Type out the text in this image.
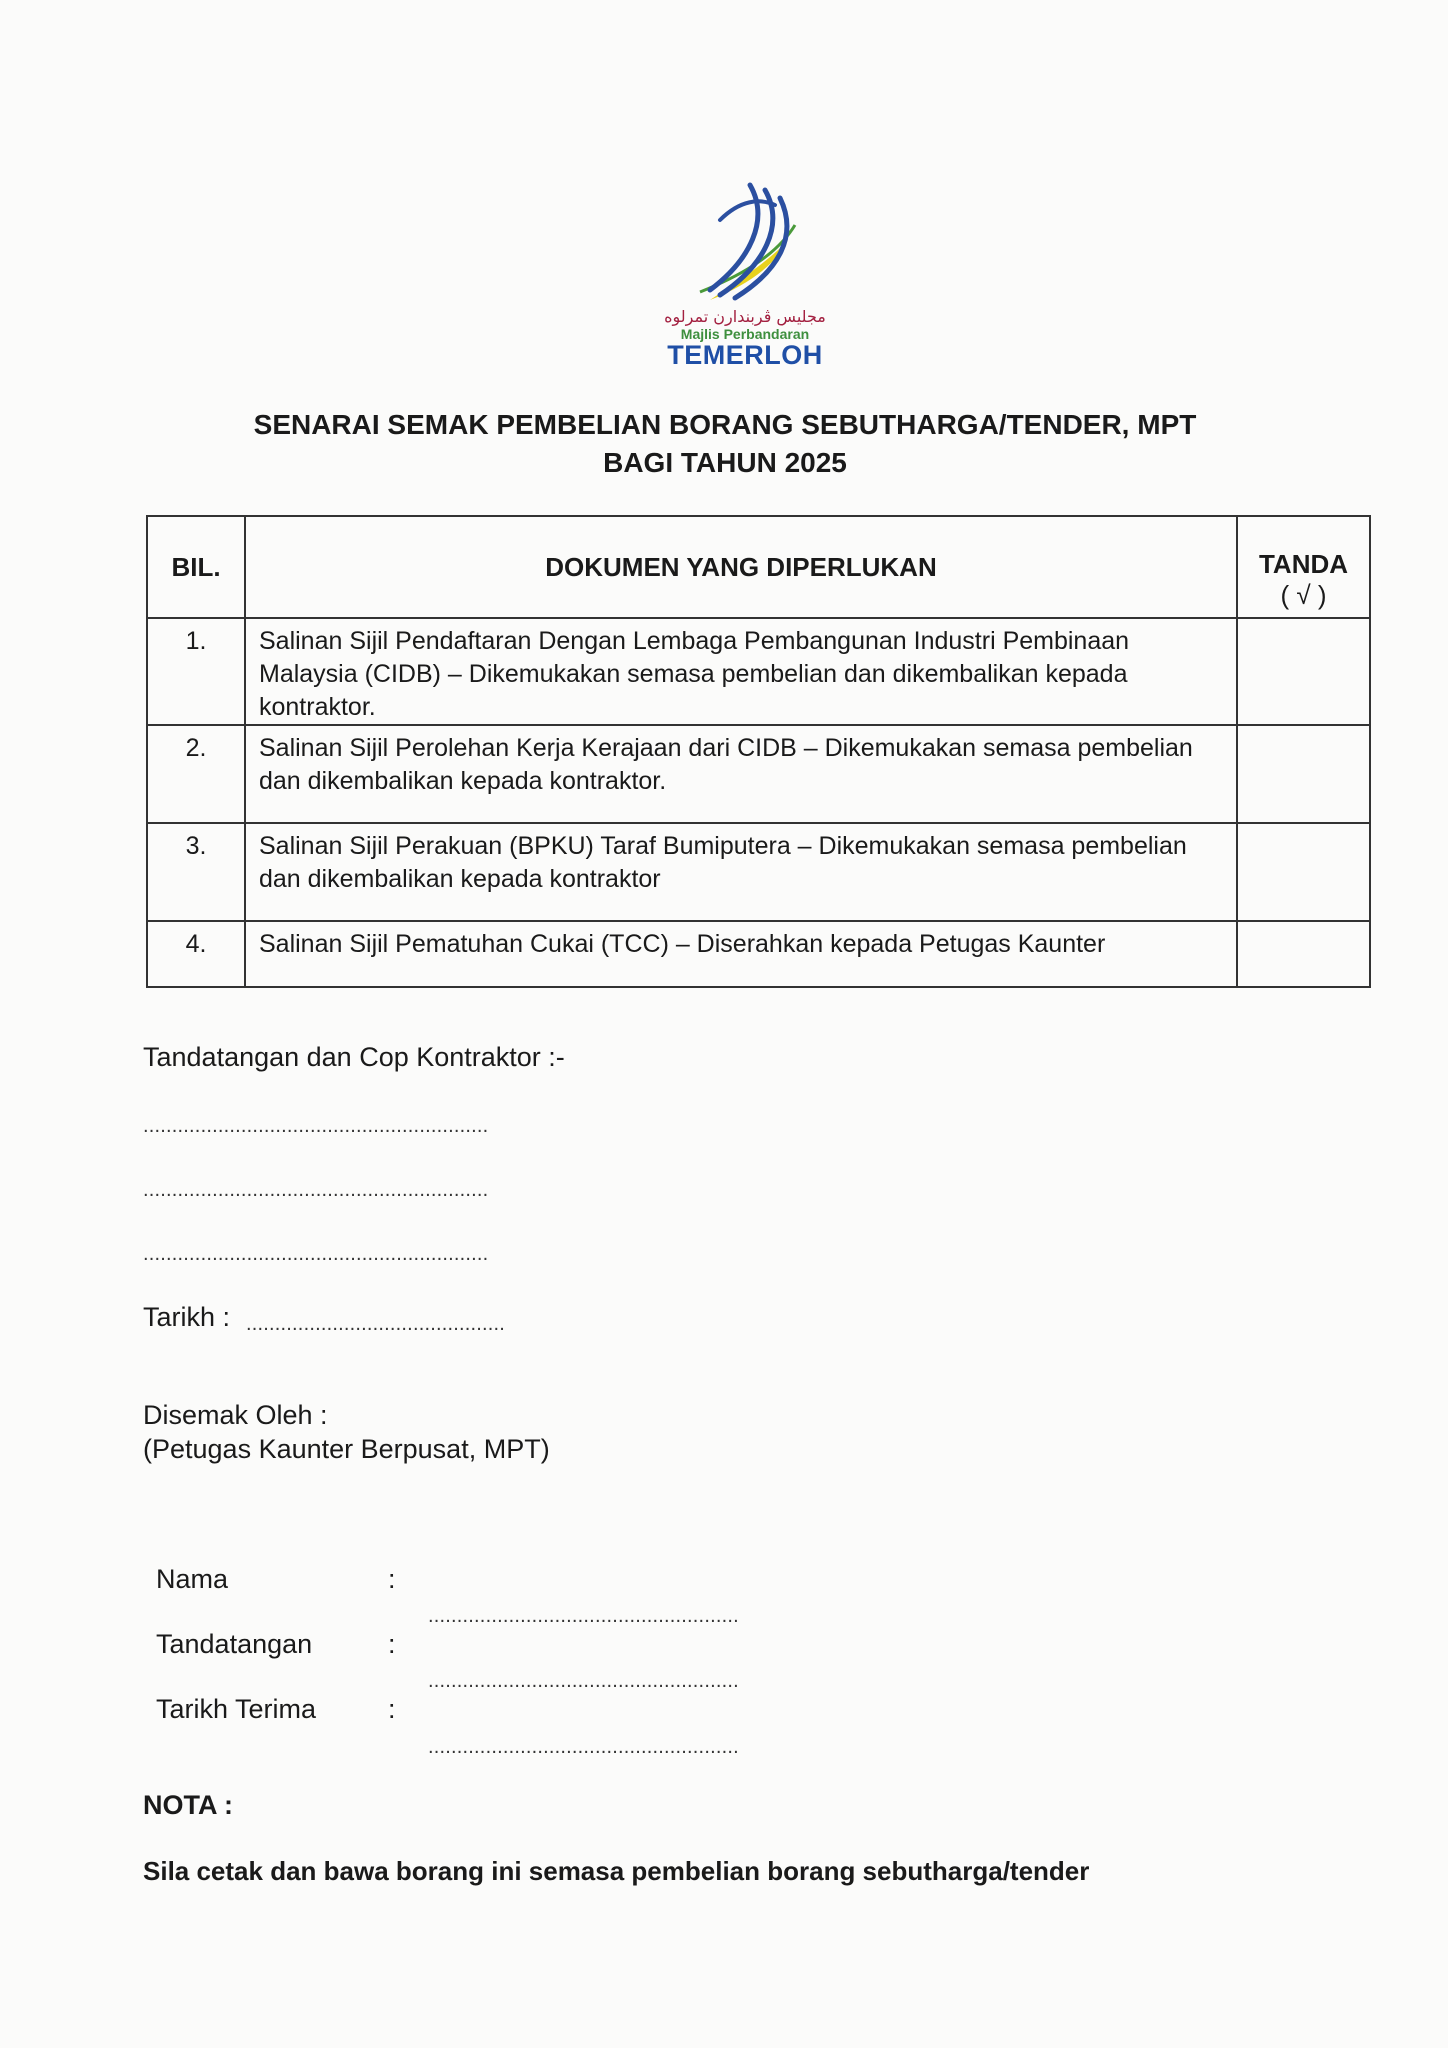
مجليس ڤربندارن تمرلوه
Majlis Perbandaran
TEMERLOH
SENARAI SEMAK PEMBELIAN BORANG SEBUTHARGA/TENDER, MPT
BAGI TAHUN 2025
BIL.	DOKUMEN YANG DIPERLUKAN	TANDA
( √ )

1.	Salinan Sijil Pendaftaran Dengan Lembaga Pembangunan Industri Pembinaan Malaysia (CIDB) – Dikemukakan semasa pembelian dan dikembalikan kepada kontraktor.	
2.	Salinan Sijil Perolehan Kerja Kerajaan dari CIDB – Dikemukakan semasa pembelian dan dikembalikan kepada kontraktor.	
3.	Salinan Sijil Perakuan (BPKU) Taraf Bumiputera – Dikemukakan semasa pembelian dan dikembalikan kepada kontraktor	
4.	Salinan Sijil Pematuhan Cukai (TCC) – Diserahkan kepada Petugas Kaunter	
Tandatangan dan Cop Kontraktor :-
............................................................
............................................................
............................................................
Tarikh : .............................................
Disemak Oleh :
(Petugas Kaunter Berpusat, MPT)
Nama	:
......................................................
Tandatangan	:
......................................................
Tarikh Terima	:
......................................................
NOTA :
Sila cetak dan bawa borang ini semasa pembelian borang sebutharga/tender
